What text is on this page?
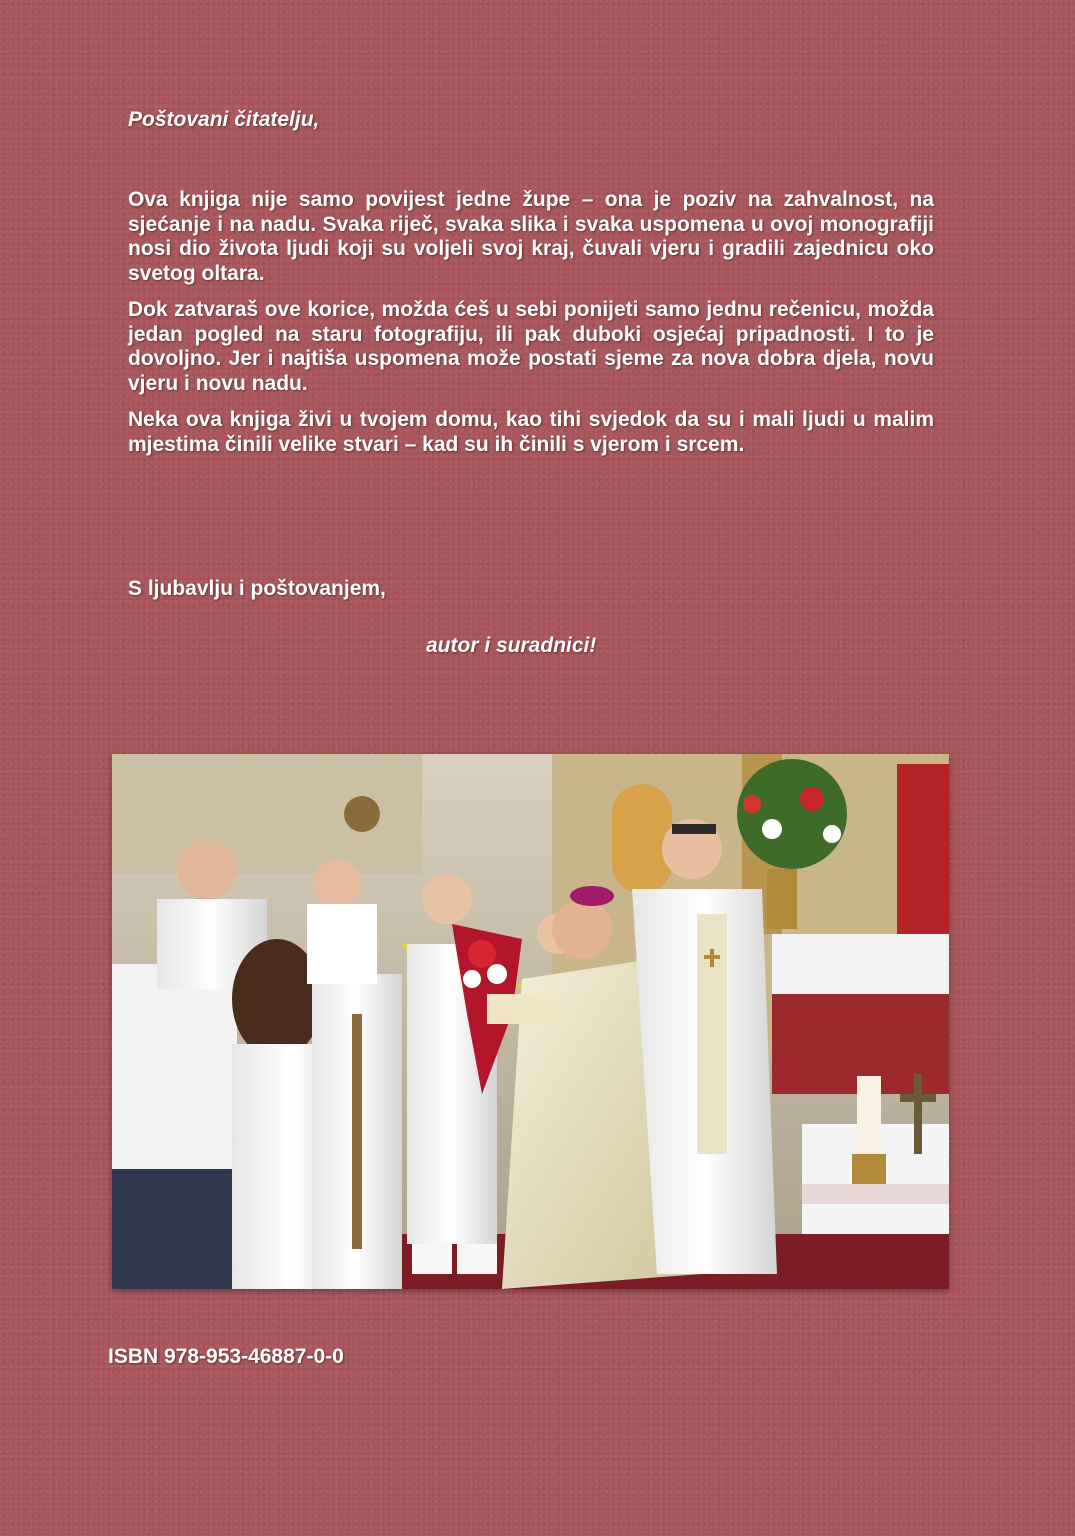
Poštovani čitatelju,

Ova knjiga nije samo povijest jedne župe – ona je poziv na zahvalnost, na sjećanje i na nadu. Svaka riječ, svaka slika i svaka uspomena u ovoj monografiji nosi dio života ljudi koji su voljeli svoj kraj, čuvali vjeru i gradili zajednicu oko svetog oltara.

Dok zatvaraš ove korice, možda ćeš u sebi ponijeti samo jednu rečenicu, možda jedan pogled na staru fotografiju, ili pak duboki osjećaj pripadnosti. I to je dovoljno. Jer i najtiša uspomena može postati sjeme za nova dobra djela, novu vjeru i novu nadu.

Neka ova knjiga živi u tvojem domu, kao tihi svjedok da su i mali ljudi u malim mjestima činili velike stvari – kad su ih činili s vjerom i srcem.

S ljubavlju i poštovanjem,

autor i suradnici!

ISBN 978-953-46887-0-0
